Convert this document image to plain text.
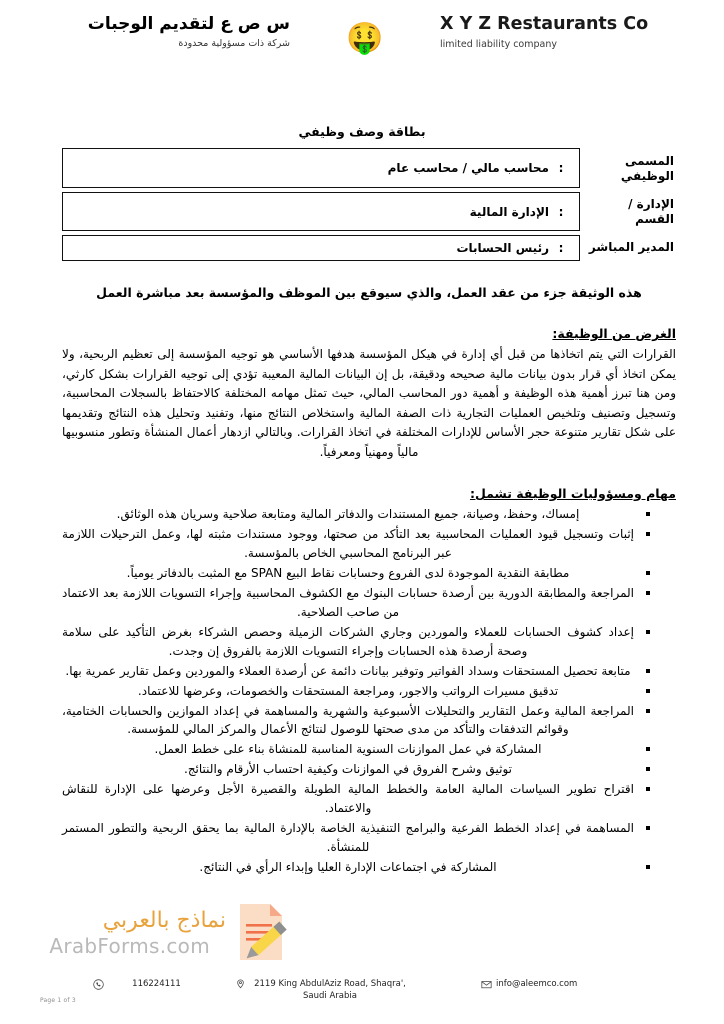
س ص ع لتقديم الوجبات
شركة ذات مسؤولية محدودة 🤑	X Y Z Restaurants Co
limited liability company
بطاقة وصف وظيفي
المسمى الوظيفي
:
محاسب مالي / محاسب عام
الإدارة / القسم
:
الإدارة المالية
المدير المباشر
:
رئيس الحسابات
هذه الوثيقة جزء من عقد العمل، والذي سيوقع بين الموظف والمؤسسة بعد مباشرة العمل
الغرض من الوظيفة:

القرارات التي يتم اتخاذها من قبل أي إدارة في هيكل المؤسسة هدفها الأساسي هو توجيه المؤسسة إلى تعظيم الربحية، ولا يمكن اتخاذ أي قرار بدون بيانات مالية صحيحه ودقيقة، بل إن البيانات المالية المعيبة تؤدي إلى توجيه القرارات بشكل كارثي، ومن هنا تبرز أهمية هذه الوظيفة و أهمية دور المحاسب المالي، حيث تمثل مهامه المختلفة كالاحتفاظ بالسجلات المحاسبية، وتسجيل وتصنيف وتلخيص العمليات التجارية ذات الصفة المالية واستخلاص النتائج منها، وتفنيد وتحليل هذه النتائج وتقديمها على شكل تقارير متنوعة حجر الأساس للإدارات المختلفة في اتخاذ القرارات. وبالتالي ازدهار أعمال المنشأة وتطور منسوبيها مالياً ومهنياً ومعرفياً.

مهام ومسؤوليات الوظيفة تشمل:
إمساك، وحفظ، وصيانة، جميع المستندات والدفاتر المالية ومتابعة صلاحية وسريان هذه الوثائق.
إثبات وتسجيل قيود العمليات المحاسبية بعد التأكد من صحتها، ووجود مستندات مثبته لها، وعمل الترحيلات اللازمة عبر البرنامج المحاسبي الخاص بالمؤسسة.
مطابقة النقدية الموجودة لدى الفروع وحسابات نقاط البيع SPAN مع المثبت بالدفاتر يومياً.
المراجعة والمطابقة الدورية بين أرصدة حسابات البنوك مع الكشوف المحاسبية وإجراء التسويات اللازمة بعد الاعتماد من صاحب الصلاحية.
إعداد كشوف الحسابات للعملاء والموردين وجاري الشركات الزميلة وحصص الشركاء بغرض التأكيد على سلامة وصحة أرصدة هذه الحسابات وإجراء التسويات اللازمة بالفروق إن وجدت.
متابعة تحصيل المستحقات وسداد الفواتير وتوفير بيانات دائمة عن أرصدة العملاء والموردين وعمل تقارير عمرية بها.
تدقيق مسيرات الرواتب والاجور، ومراجعة المستحقات والخصومات، وعرضها للاعتماد.
المراجعة المالية وعمل التقارير والتحليلات الأسبوعية والشهرية والمساهمة في إعداد الموازين والحسابات الختامية، وقوائم التدفقات والتأكد من مدى صحتها للوصول لنتائج الأعمال والمركز المالي للمؤسسة.
المشاركة في عمل الموازنات السنوية المناسبة للمنشاة بناء على خطط العمل.
توثيق وشرح الفروق في الموازنات وكيفية احتساب الأرقام والنتائج.
اقتراح تطوير السياسات المالية العامة والخطط المالية الطويلة والقصيرة الأجل وعرضها على الإدارة للنقاش والاعتماد.
المساهمة في إعداد الخطط الفرعية والبرامج التنفيذية الخاصة بالإدارة المالية بما يحقق الربحية والتطور المستمر للمنشأة.
المشاركة في اجتماعات الإدارة العليا وإبداء الرأي في النتائج.
نماذج بالعربي
ArabForms.com
Page 1 of 3
116224111	2119 King AbdulAziz Road, Shaqra', Saudi Arabia
info@aleemco.com
